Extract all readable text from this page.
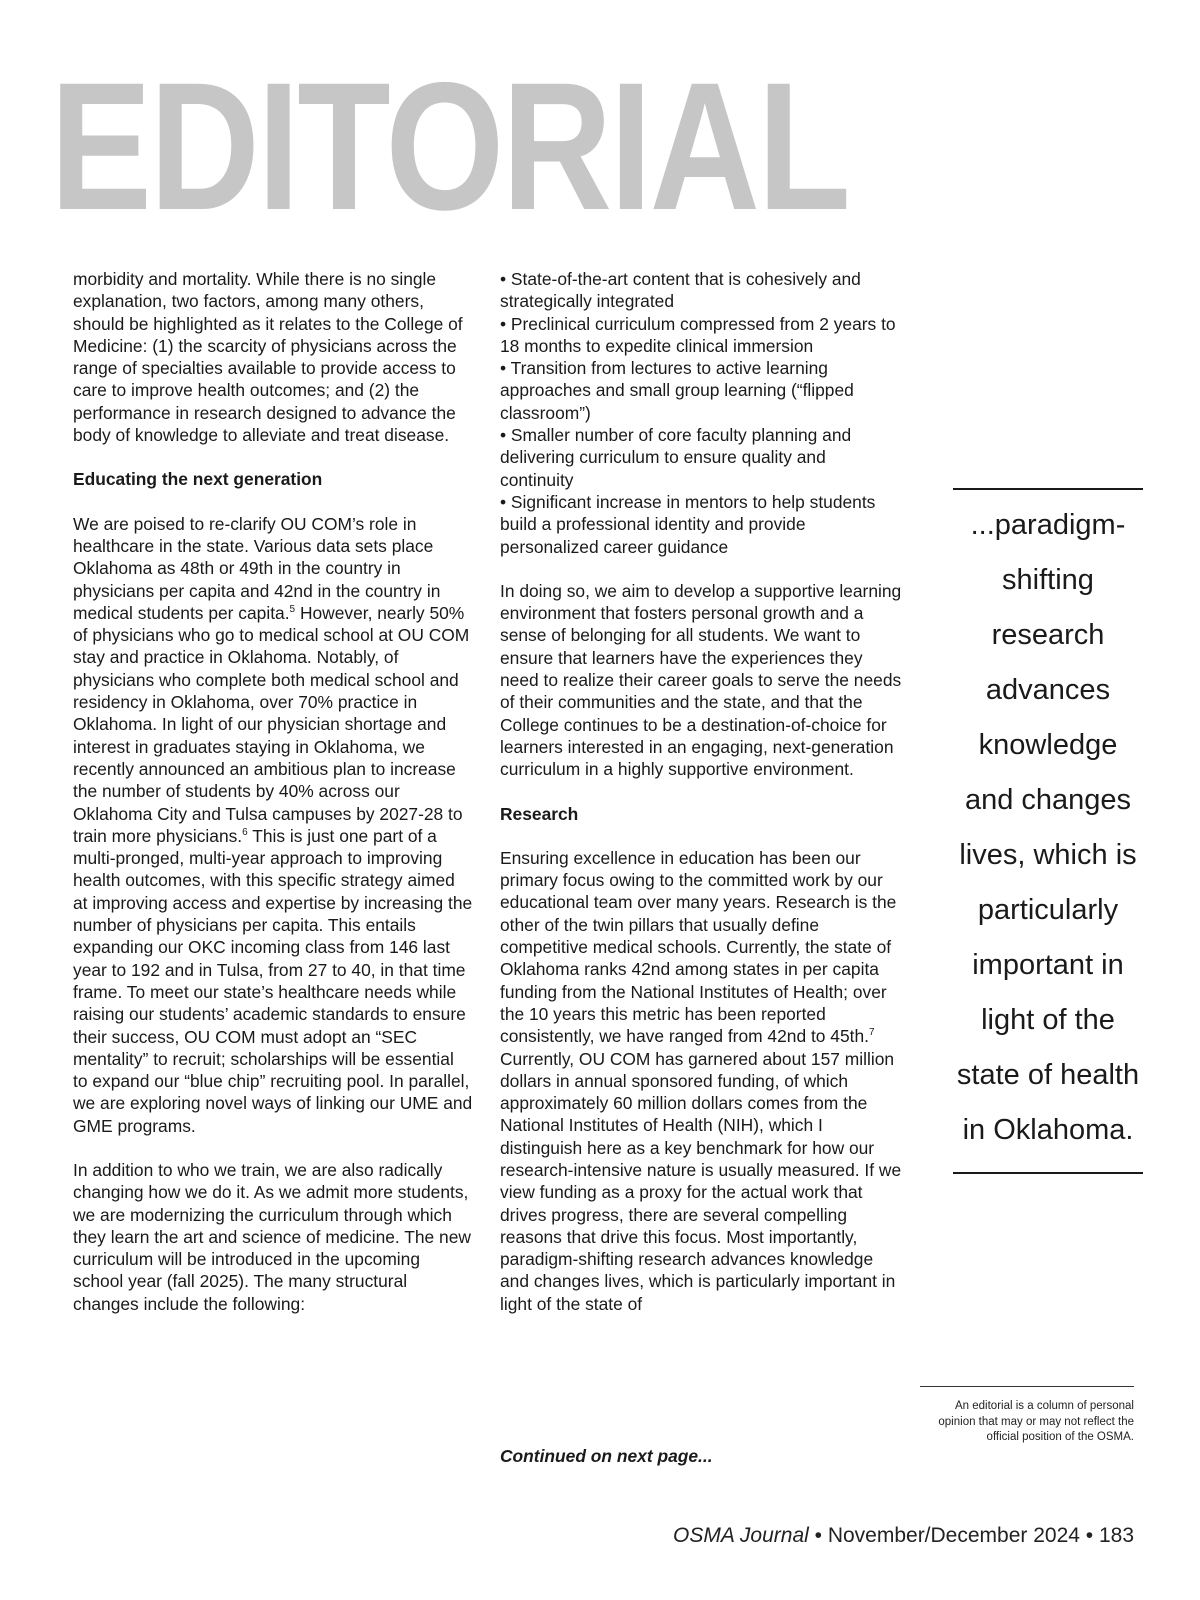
EDITORIAL

morbidity and mortality. While there is no single explanation, two factors, among many others, should be highlighted as it relates to the College of Medicine: (1) the scarcity of physicians across the range of specialties available to provide access to care to improve health outcomes; and (2) the performance in research designed to advance the body of knowledge to alleviate and treat disease.

Educating the next generation

We are poised to re-clarify OU COM’s role in healthcare in the state. Various data sets place Oklahoma as 48th or 49th in the country in physicians per capita and 42nd in the country in medical students per capita.$^5$ However, nearly 50% of physicians who go to medical school at OU COM stay and practice in Oklahoma. Notably, of physicians who complete both medical school and residency in Oklahoma, over 70% practice in Oklahoma. In light of our physician shortage and interest in graduates staying in Oklahoma, we recently announced an ambitious plan to increase the number of students by 40% across our Oklahoma City and Tulsa campuses by 2027-28 to train more physicians.$^6$ This is just one part of a multi-pronged, multi-year approach to improving health outcomes, with this specific strategy aimed at improving access and expertise by increasing the number of physicians per capita. This entails expanding our OKC incoming class from 146 last year to 192 and in Tulsa, from 27 to 40, in that time frame. To meet our state’s healthcare needs while raising our students’ academic standards to ensure their success, OU COM must adopt an “SEC mentality” to recruit; scholarships will be essential to expand our “blue chip” recruiting pool. In parallel, we are exploring novel ways of linking our UME and GME programs.

In addition to who we train, we are also radically changing how we do it. As we admit more students, we are modernizing the curriculum through which they learn the art and science of medicine. The new curriculum will be introduced in the upcoming school year (fall 2025). The many structural changes include the following:

• State-of-the-art content that is cohesively and strategically integrated

• Preclinical curriculum compressed from 2 years to 18 months to expedite clinical immersion

• Transition from lectures to active learning approaches and small group learning (“flipped classroom”)

• Smaller number of core faculty planning and delivering curriculum to ensure quality and continuity

• Significant increase in mentors to help students build a professional identity and provide personalized career guidance

In doing so, we aim to develop a supportive learning environment that fosters personal growth and a sense of belonging for all students. We want to ensure that learners have the experiences they need to realize their career goals to serve the needs of their communities and the state, and that the College continues to be a destination-of-choice for learners interested in an engaging, next-generation curriculum in a highly supportive environment.

Research

Ensuring excellence in education has been our primary focus owing to the committed work by our educational team over many years. Research is the other of the twin pillars that usually define competitive medical schools. Currently, the state of Oklahoma ranks 42nd among states in per capita funding from the National Institutes of Health; over the 10 years this metric has been reported consistently, we have ranged from 42nd to 45th.$^7$ Currently, OU COM has garnered about 157 million dollars in annual sponsored funding, of which approximately 60 million dollars comes from the National Institutes of Health (NIH), which I distinguish here as a key benchmark for how our research-intensive nature is usually measured. If we view funding as a proxy for the actual work that drives progress, there are several compelling reasons that drive this focus. Most importantly, paradigm-shifting research advances knowledge and changes lives, which is particularly important in light of the state of

Continued on next page...
...paradigm-shifting research advances knowledge and changes lives, which is particularly important in light of the state of health in Oklahoma.
An editorial is a column of personal opinion that may or may not reflect the official position of the OSMA.
OSMA Journal • November/December 2024 • 183
